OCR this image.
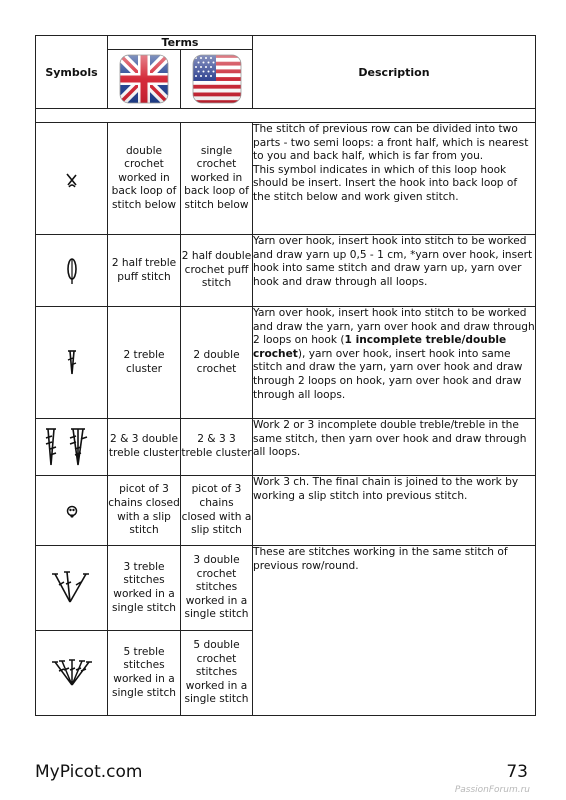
Symbols	Terms		Description

	double crochet worked in back loop of stitch below	single crochet worked in back loop of stitch below	The stitch of previous row can be divided into two parts - two semi loops: a front half, which is nearest to you and back half, which is far from you.
This symbol indicates in which of this loop hook should be insert. Insert the hook into back loop of the stitch below and work given stitch.
	2 half treble puff stitch	2 half double crochet puff stitch	Yarn over hook, insert hook into stitch to be worked and draw yarn up 0,5 - 1 cm, *yarn over hook, insert hook into same stitch and draw yarn up, yarn over hook and draw through all loops.
	2 treble cluster	2 double crochet	Yarn over hook, insert hook into stitch to be worked and draw the yarn, yarn over hook and draw through 2 loops on hook (1 incomplete treble/double crochet), yarn over hook, insert hook into same stitch and draw the yarn, yarn over hook and draw through 2 loops on hook, yarn over hook and draw through all loops.
	2 & 3 double treble cluster	2 & 3 3 treble cluster	Work 2 or 3 incomplete double treble/treble in the same stitch, then yarn over hook and draw through all loops.
	picot of 3 chains closed with a slip stitch	picot of 3 chains closed with a slip stitch	Work 3 ch. The final chain is joined to the work by working a slip stitch into previous stitch.
	3 treble stitches worked in a single stitch	3 double crochet stitches worked in a single stitch	These are stitches working in the same stitch of previous row/round.
	5 treble stitches worked in a single stitch	5 double crochet stitches worked in a single stitch	
MyPicot.com	73
PassionForum.ru
